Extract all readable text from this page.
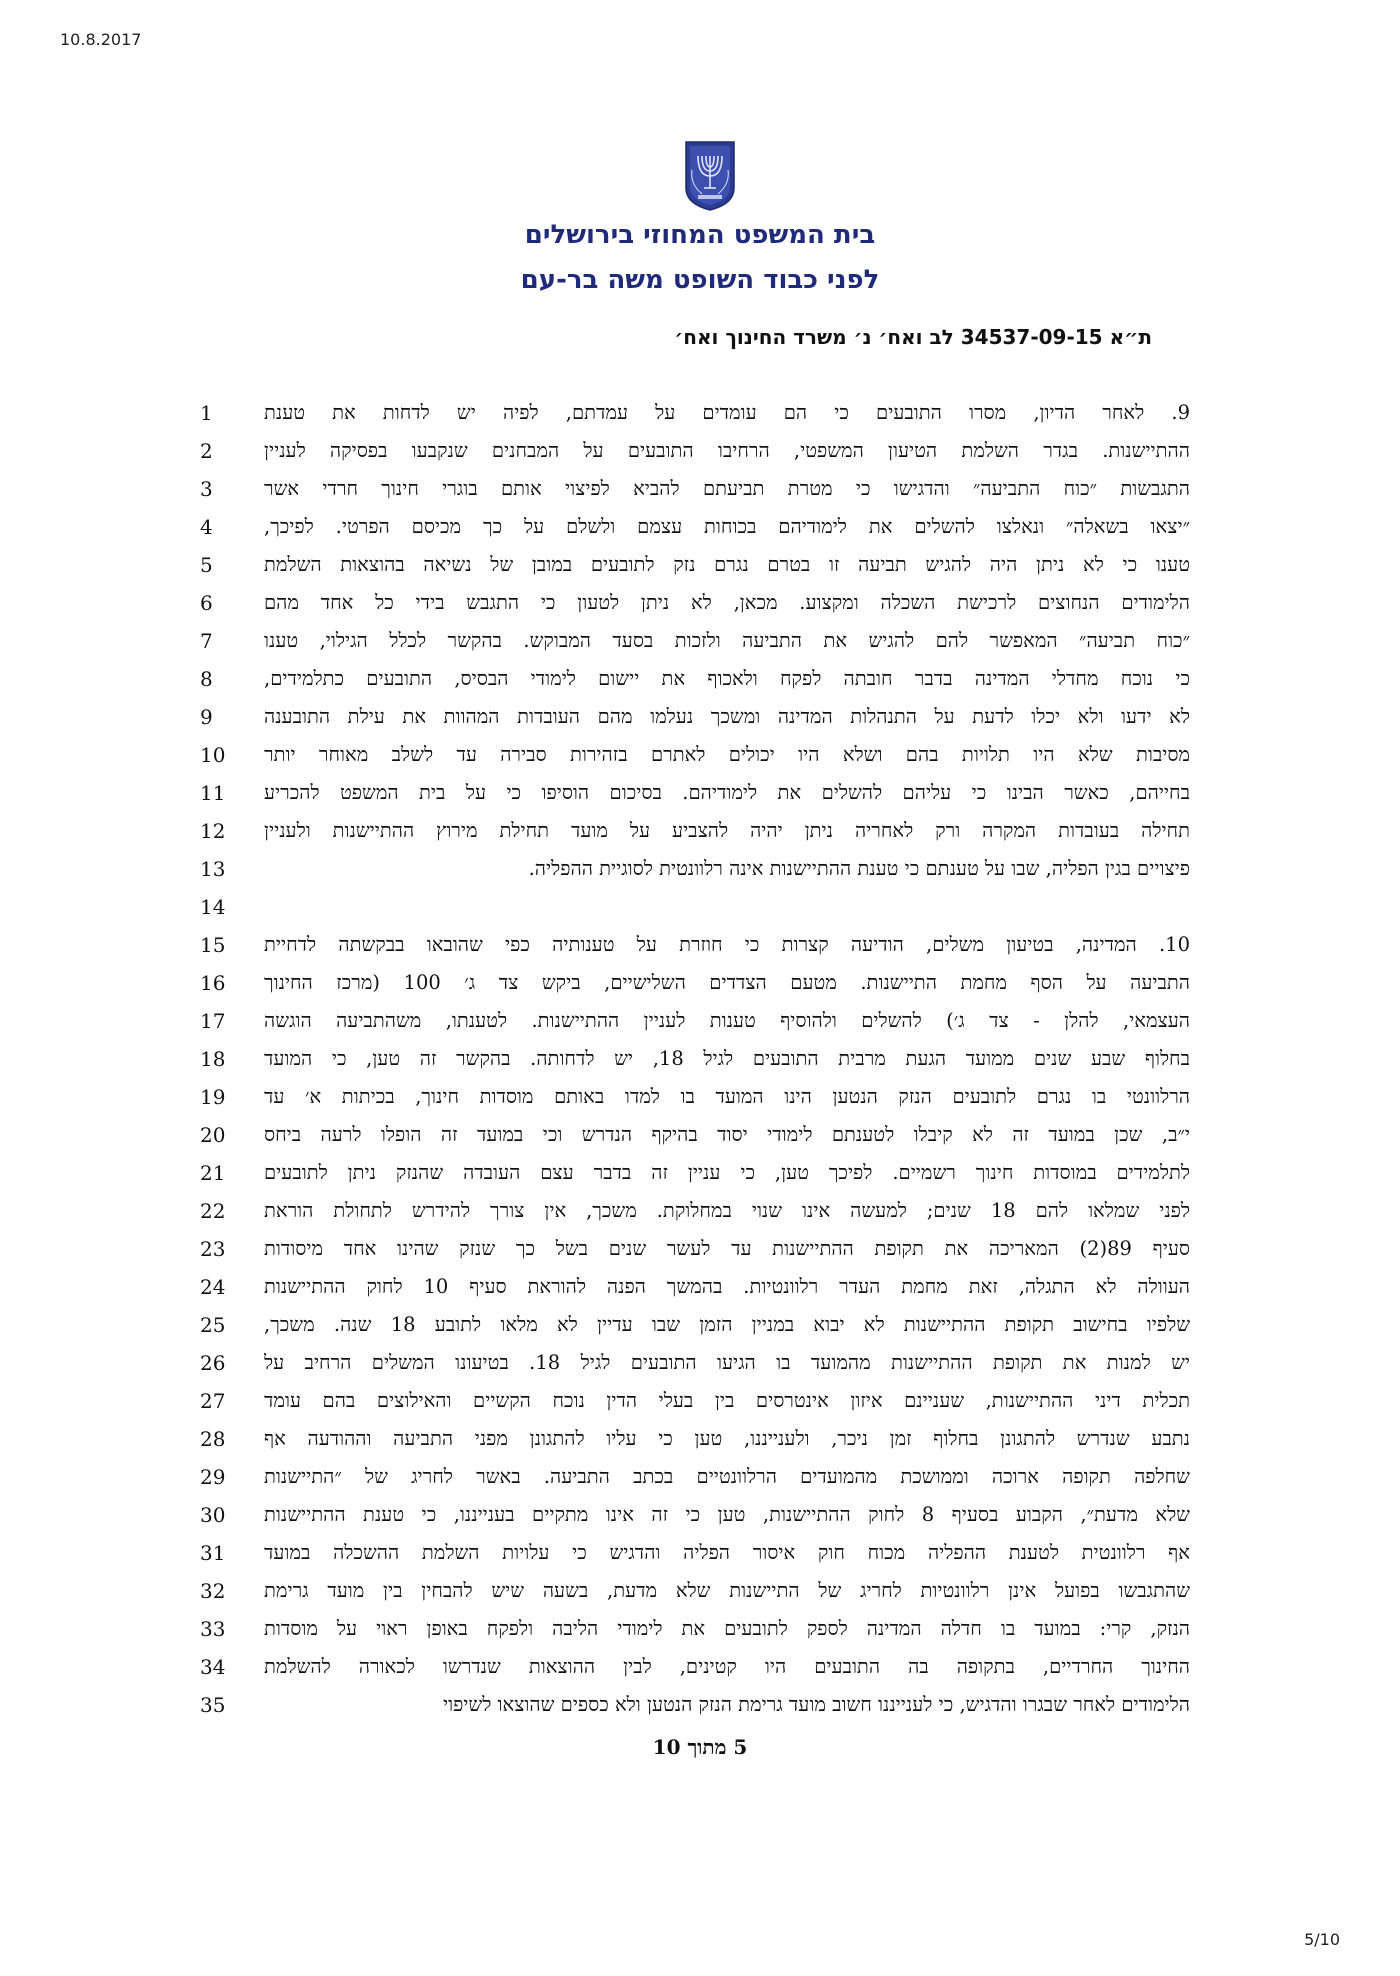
10.8.2017
בית המשפט המחוזי בירושלים
לפני כבוד השופט משה בר-עם
ת״א 34537-09-15 לב ואח׳ נ׳ משרד החינוך ואח׳
1	9. לאחר הדיון, מסרו התובעים כי הם עומדים על עמדתם, לפיה יש לדחות את טענת
2	ההתיישנות. בגדר השלמת הטיעון המשפטי, הרחיבו התובעים על המבחנים שנקבעו בפסיקה לעניין
3	התגבשות ״כוח התביעה״ והדגישו כי מטרת תביעתם להביא לפיצוי אותם בוגרי חינוך חרדי אשר
4	״יצאו בשאלה״ ונאלצו להשלים את לימודיהם בכוחות עצמם ולשלם על כך מכיסם הפרטי. לפיכך,
5	טענו כי לא ניתן היה להגיש תביעה זו בטרם נגרם נזק לתובעים במובן של נשיאה בהוצאות השלמת
6	הלימודים הנחוצים לרכישת השכלה ומקצוע. מכאן, לא ניתן לטעון כי התגבש בידי כל אחד מהם
7	״כוח תביעה״ המאפשר להם להגיש את התביעה ולזכות בסעד המבוקש. בהקשר לכלל הגילוי, טענו
8	כי נוכח מחדלי המדינה בדבר חובתה לפקח ולאכוף את יישום לימודי הבסיס, התובעים כתלמידים,
9	לא ידעו ולא יכלו לדעת על התנהלות המדינה ומשכך נעלמו מהם העובדות המהוות את עילת התובענה
10	מסיבות שלא היו תלויות בהם ושלא היו יכולים לאתרם בזהירות סבירה עד לשלב מאוחר יותר
11	בחייהם, כאשר הבינו כי עליהם להשלים את לימודיהם. בסיכום הוסיפו כי על בית המשפט להכריע
12	תחילה בעובדות המקרה ורק לאחריה ניתן יהיה להצביע על מועד תחילת מירוץ ההתיישנות ולעניין
13	פיצויים בגין הפליה, שבו על טענתם כי טענת ההתיישנות אינה רלוונטית לסוגיית ההפליה.
14
15	10. המדינה, בטיעון משלים, הודיעה קצרות כי חוזרת על טענותיה כפי שהובאו בבקשתה לדחיית
16	התביעה על הסף מחמת התיישנות. מטעם הצדדים השלישיים, ביקש צד ג׳ 100 (מרכז החינוך
17	העצמאי, להלן - צד ג׳) להשלים ולהוסיף טענות לעניין ההתיישנות. לטענתו, משהתביעה הוגשה
18	בחלוף שבע שנים ממועד הגעת מרבית התובעים לגיל 18, יש לדחותה. בהקשר זה טען, כי המועד
19	הרלוונטי בו נגרם לתובעים הנזק הנטען הינו המועד בו למדו באותם מוסדות חינוך, בכיתות א׳ עד
20	י״ב, שכן במועד זה לא קיבלו לטענתם לימודי יסוד בהיקף הנדרש וכי במועד זה הופלו לרעה ביחס
21	לתלמידים במוסדות חינוך רשמיים. לפיכך טען, כי עניין זה בדבר עצם העובדה שהנזק ניתן לתובעים
22	לפני שמלאו להם 18 שנים; למעשה אינו שנוי במחלוקת. משכך, אין צורך להידרש לתחולת הוראת
23	סעיף 89(2) המאריכה את תקופת ההתיישנות עד לעשר שנים בשל כך שנזק שהינו אחד מיסודות
24	העוולה לא התגלה, זאת מחמת העדר רלוונטיות. בהמשך הפנה להוראת סעיף 10 לחוק ההתיישנות
25	שלפיו בחישוב תקופת ההתיישנות לא יבוא במניין הזמן שבו עדיין לא מלאו לתובע 18 שנה. משכך,
26	יש למנות את תקופת ההתיישנות מהמועד בו הגיעו התובעים לגיל 18. בטיעונו המשלים הרחיב על
27	תכלית דיני ההתיישנות, שעניינם איזון אינטרסים בין בעלי הדין נוכח הקשיים והאילוצים בהם עומד
28	נתבע שנדרש להתגונן בחלוף זמן ניכר, ולענייננו, טען כי עליו להתגונן מפני התביעה וההודעה אף
29	שחלפה תקופה ארוכה וממושכת מהמועדים הרלוונטיים בכתב התביעה. באשר לחריג של ״התיישנות
30	שלא מדעת״, הקבוע בסעיף 8 לחוק ההתיישנות, טען כי זה אינו מתקיים בענייננו, כי טענת ההתיישנות
31	אף רלוונטית לטענת ההפליה מכוח חוק איסור הפליה והדגיש כי עלויות השלמת ההשכלה במועד
32	שהתגבשו בפועל אינן רלוונטיות לחריג של התיישנות שלא מדעת, בשעה שיש להבחין בין מועד גרימת
33	הנזק, קרי: במועד בו חדלה המדינה לספק לתובעים את לימודי הליבה ולפקח באופן ראוי על מוסדות
34	החינוך החרדיים, בתקופה בה התובעים היו קטינים, לבין ההוצאות שנדרשו לכאורה להשלמת
35	הלימודים לאחר שבגרו והדגיש, כי לענייננו חשוב מועד גרימת הנזק הנטען ולא כספים שהוצאו לשיפוי
5 מתוך 10
5/10
